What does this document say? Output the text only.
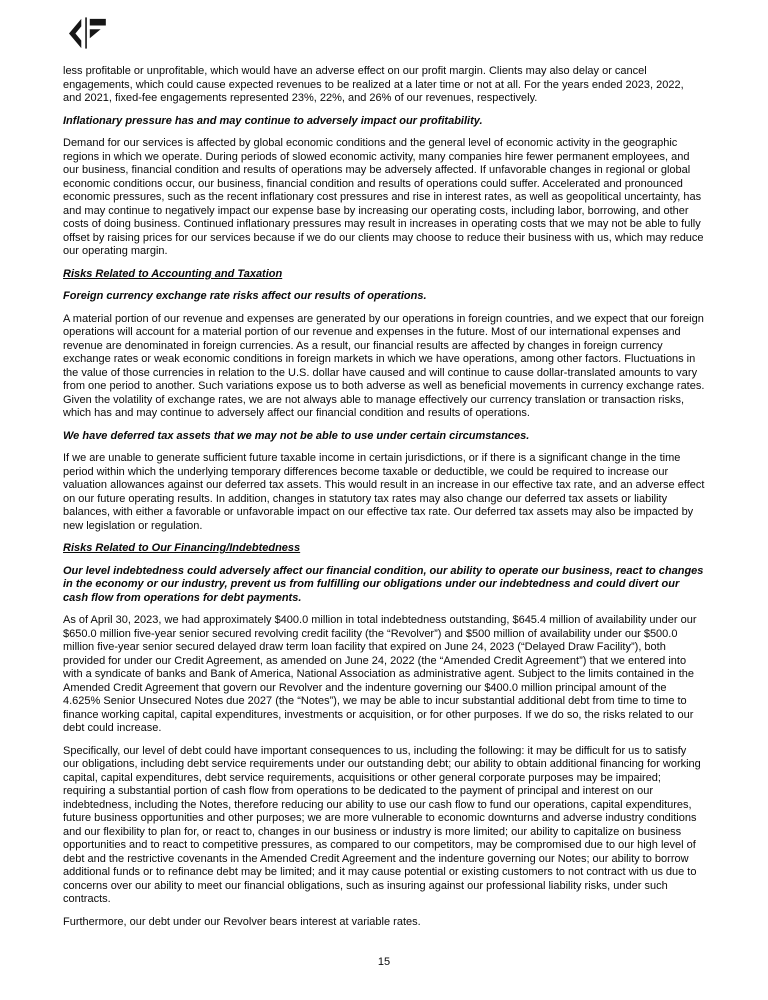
less profitable or unprofitable, which would have an adverse effect on our profit margin. Clients may also delay or cancel engagements, which could cause expected revenues to be realized at a later time or not at all. For the years ended 2023, 2022, and 2021, fixed-fee engagements represented 23%, 22%, and 26% of our revenues, respectively.

Inflationary pressure has and may continue to adversely impact our profitability.

Demand for our services is affected by global economic conditions and the general level of economic activity in the geographic regions in which we operate. During periods of slowed economic activity, many companies hire fewer permanent employees, and our business, financial condition and results of operations may be adversely affected. If unfavorable changes in regional or global economic conditions occur, our business, financial condition and results of operations could suffer. Accelerated and pronounced economic pressures, such as the recent inflationary cost pressures and rise in interest rates, as well as geopolitical uncertainty, has and may continue to negatively impact our expense base by increasing our operating costs, including labor, borrowing, and other costs of doing business. Continued inflationary pressures may result in increases in operating costs that we may not be able to fully offset by raising prices for our services because if we do our clients may choose to reduce their business with us, which may reduce our operating margin.

Risks Related to Accounting and Taxation

Foreign currency exchange rate risks affect our results of operations.

A material portion of our revenue and expenses are generated by our operations in foreign countries, and we expect that our foreign operations will account for a material portion of our revenue and expenses in the future. Most of our international expenses and revenue are denominated in foreign currencies. As a result, our financial results are affected by changes in foreign currency exchange rates or weak economic conditions in foreign markets in which we have operations, among other factors. Fluctuations in the value of those currencies in relation to the U.S. dollar have caused and will continue to cause dollar-translated amounts to vary from one period to another. Such variations expose us to both adverse as well as beneficial movements in currency exchange rates. Given the volatility of exchange rates, we are not always able to manage effectively our currency translation or transaction risks, which has and may continue to adversely affect our financial condition and results of operations.

We have deferred tax assets that we may not be able to use under certain circumstances.

If we are unable to generate sufficient future taxable income in certain jurisdictions, or if there is a significant change in the time period within which the underlying temporary differences become taxable or deductible, we could be required to increase our valuation allowances against our deferred tax assets. This would result in an increase in our effective tax rate, and an adverse effect on our future operating results. In addition, changes in statutory tax rates may also change our deferred tax assets or liability balances, with either a favorable or unfavorable impact on our effective tax rate. Our deferred tax assets may also be impacted by new legislation or regulation.

Risks Related to Our Financing/Indebtedness

Our level indebtedness could adversely affect our financial condition, our ability to operate our business, react to changes in the economy or our industry, prevent us from fulfilling our obligations under our indebtedness and could divert our cash flow from operations for debt payments.

As of April 30, 2023, we had approximately $400.0 million in total indebtedness outstanding, $645.4 million of availability under our $650.0 million five-year senior secured revolving credit facility (the “Revolver”) and $500 million of availability under our $500.0 million five-year senior secured delayed draw term loan facility that expired on June 24, 2023 (“Delayed Draw Facility”), both provided for under our Credit Agreement, as amended on June 24, 2022 (the “Amended Credit Agreement”) that we entered into with a syndicate of banks and Bank of America, National Association as administrative agent. Subject to the limits contained in the Amended Credit Agreement that govern our Revolver and the indenture governing our $400.0 million principal amount of the 4.625% Senior Unsecured Notes due 2027 (the “Notes”), we may be able to incur substantial additional debt from time to time to finance working capital, capital expenditures, investments or acquisition, or for other purposes. If we do so, the risks related to our debt could increase.

Specifically, our level of debt could have important consequences to us, including the following: it may be difficult for us to satisfy our obligations, including debt service requirements under our outstanding debt; our ability to obtain additional financing for working capital, capital expenditures, debt service requirements, acquisitions or other general corporate purposes may be impaired; requiring a substantial portion of cash flow from operations to be dedicated to the payment of principal and interest on our indebtedness, including the Notes, therefore reducing our ability to use our cash flow to fund our operations, capital expenditures, future business opportunities and other purposes; we are more vulnerable to economic downturns and adverse industry conditions and our flexibility to plan for, or react to, changes in our business or industry is more limited; our ability to capitalize on business opportunities and to react to competitive pressures, as compared to our competitors, may be compromised due to our high level of debt and the restrictive covenants in the Amended Credit Agreement and the indenture governing our Notes; our ability to borrow additional funds or to refinance debt may be limited; and it may cause potential or existing customers to not contract with us due to concerns over our ability to meet our financial obligations, such as insuring against our professional liability risks, under such contracts.

Furthermore, our debt under our Revolver bears interest at variable rates.

15
